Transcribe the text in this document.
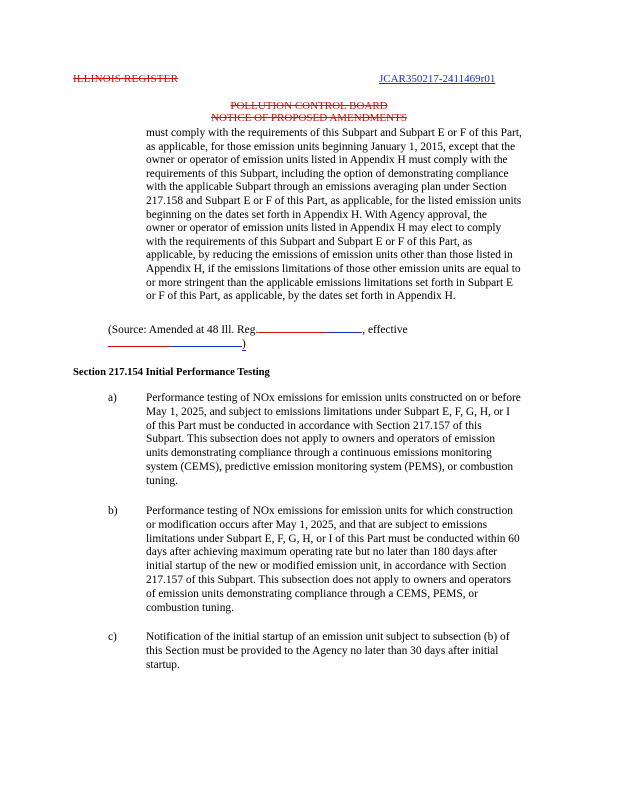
ILLINOIS REGISTER	JCAR350217-2411469r01
POLLUTION CONTROL BOARD
NOTICE OF PROPOSED AMENDMENTS
must comply with the requirements of this Subpart and Subpart E or F of this Part,
as applicable, for those emission units beginning January 1, 2015, except that the
owner or operator of emission units listed in Appendix H must comply with the
requirements of this Subpart, including the option of demonstrating compliance
with the applicable Subpart through an emissions averaging plan under Section
217.158 and Subpart E or F of this Part, as applicable, for the listed emission units
beginning on the dates set forth in Appendix H. With Agency approval, the
owner or operator of emission units listed in Appendix H may elect to comply
with the requirements of this Subpart and Subpart E or F of this Part, as
applicable, by reducing the emissions of emission units other than those listed in
Appendix H, if the emissions limitations of those other emission units are equal to
or more stringent than the applicable emissions limitations set forth in Subpart E
or F of this Part, as applicable, by the dates set forth in Appendix H.
(Source: Amended at 48 Ill. Reg.	, effective
)
Section 217.154 Initial Performance Testing
a)	Performance testing of NOx emissions for emission units constructed on or before
May 1, 2025, and subject to emissions limitations under Subpart E, F, G, H, or I
of this Part must be conducted in accordance with Section 217.157 of this
Subpart. This subsection does not apply to owners and operators of emission
units demonstrating compliance through a continuous emissions monitoring
system (CEMS), predictive emission monitoring system (PEMS), or combustion
tuning.
b)	Performance testing of NOx emissions for emission units for which construction
or modification occurs after May 1, 2025, and that are subject to emissions
limitations under Subpart E, F, G, H, or I of this Part must be conducted within 60
days after achieving maximum operating rate but no later than 180 days after
initial startup of the new or modified emission unit, in accordance with Section
217.157 of this Subpart. This subsection does not apply to owners and operators
of emission units demonstrating compliance through a CEMS, PEMS, or
combustion tuning.
c)	Notification of the initial startup of an emission unit subject to subsection (b) of
this Section must be provided to the Agency no later than 30 days after initial
startup.
